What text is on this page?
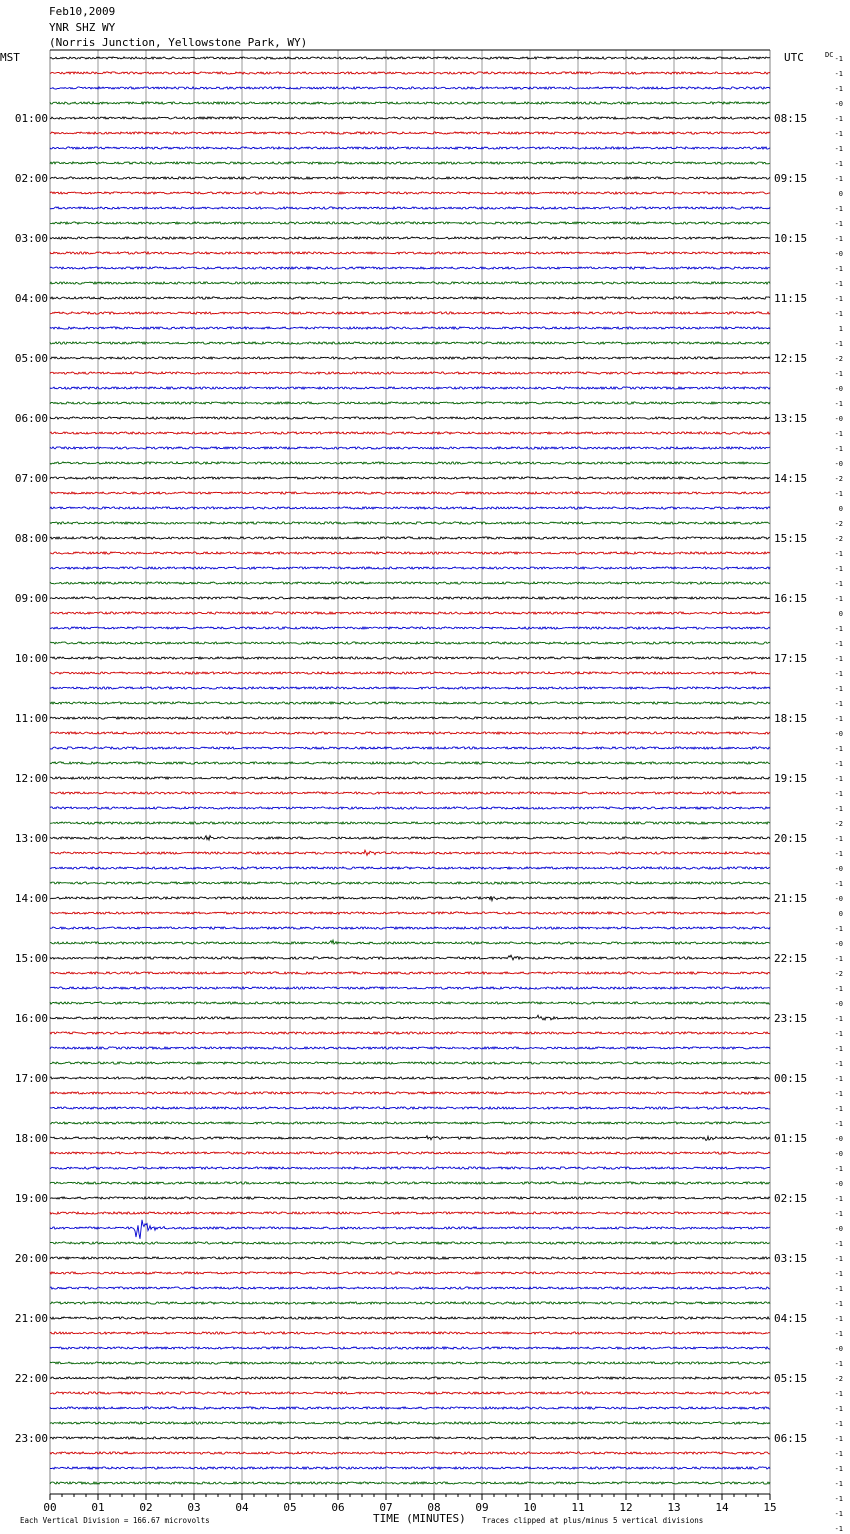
Feb10,2009
YNR SHZ WY
(Norris Junction, Yellowstone Park, WY)
00	01	02	03	04	05	06	07	08	09	10	11	12	13	14	15
01:00
02:00
03:00
04:00
05:00
06:00
07:00
08:00
09:00
10:00
11:00
12:00
13:00
14:00
15:00
16:00
17:00
18:00
19:00
20:00
21:00
22:00
23:00
08:15
09:15
10:15
11:15
12:15
13:15
14:15
15:15
16:15
17:15
18:15
19:15
20:15
21:15
22:15
23:15
00:15
01:15
02:15
03:15
04:15
05:15
06:15
-1
-1
-1
-0
-1
-1
-1
-1
-1
0
-1
-1
-1
-0
-1
-1
-1
-1
1
-1
-2
-1
-0
-1
-0
-1
-1
-0
-2
-1
0
-2
-2
-1
-1
-1
-1
0
-1
-1
-1
-1
-1
-1
-1
-0
-1
-1
-1
-1
-1
-2
-1
-1
-0
-1
-0
0
-1
-0
-1
-2
-1
-0
-1
-1
-1
-1
-1
-1
-1
-1
-0
-0
-1
-0
-1
-1
-0
-1
-1
-1
-1
-1
-1
-1
-0
-1
-2
-1
-1
-1
-1
-1
-1
-1
-1
-1
-1
MST	UTC	DC
Each Vertical Division = 166.67 microvolts	TIME (MINUTES) Traces clipped at plus/minus 5 vertical divisions
